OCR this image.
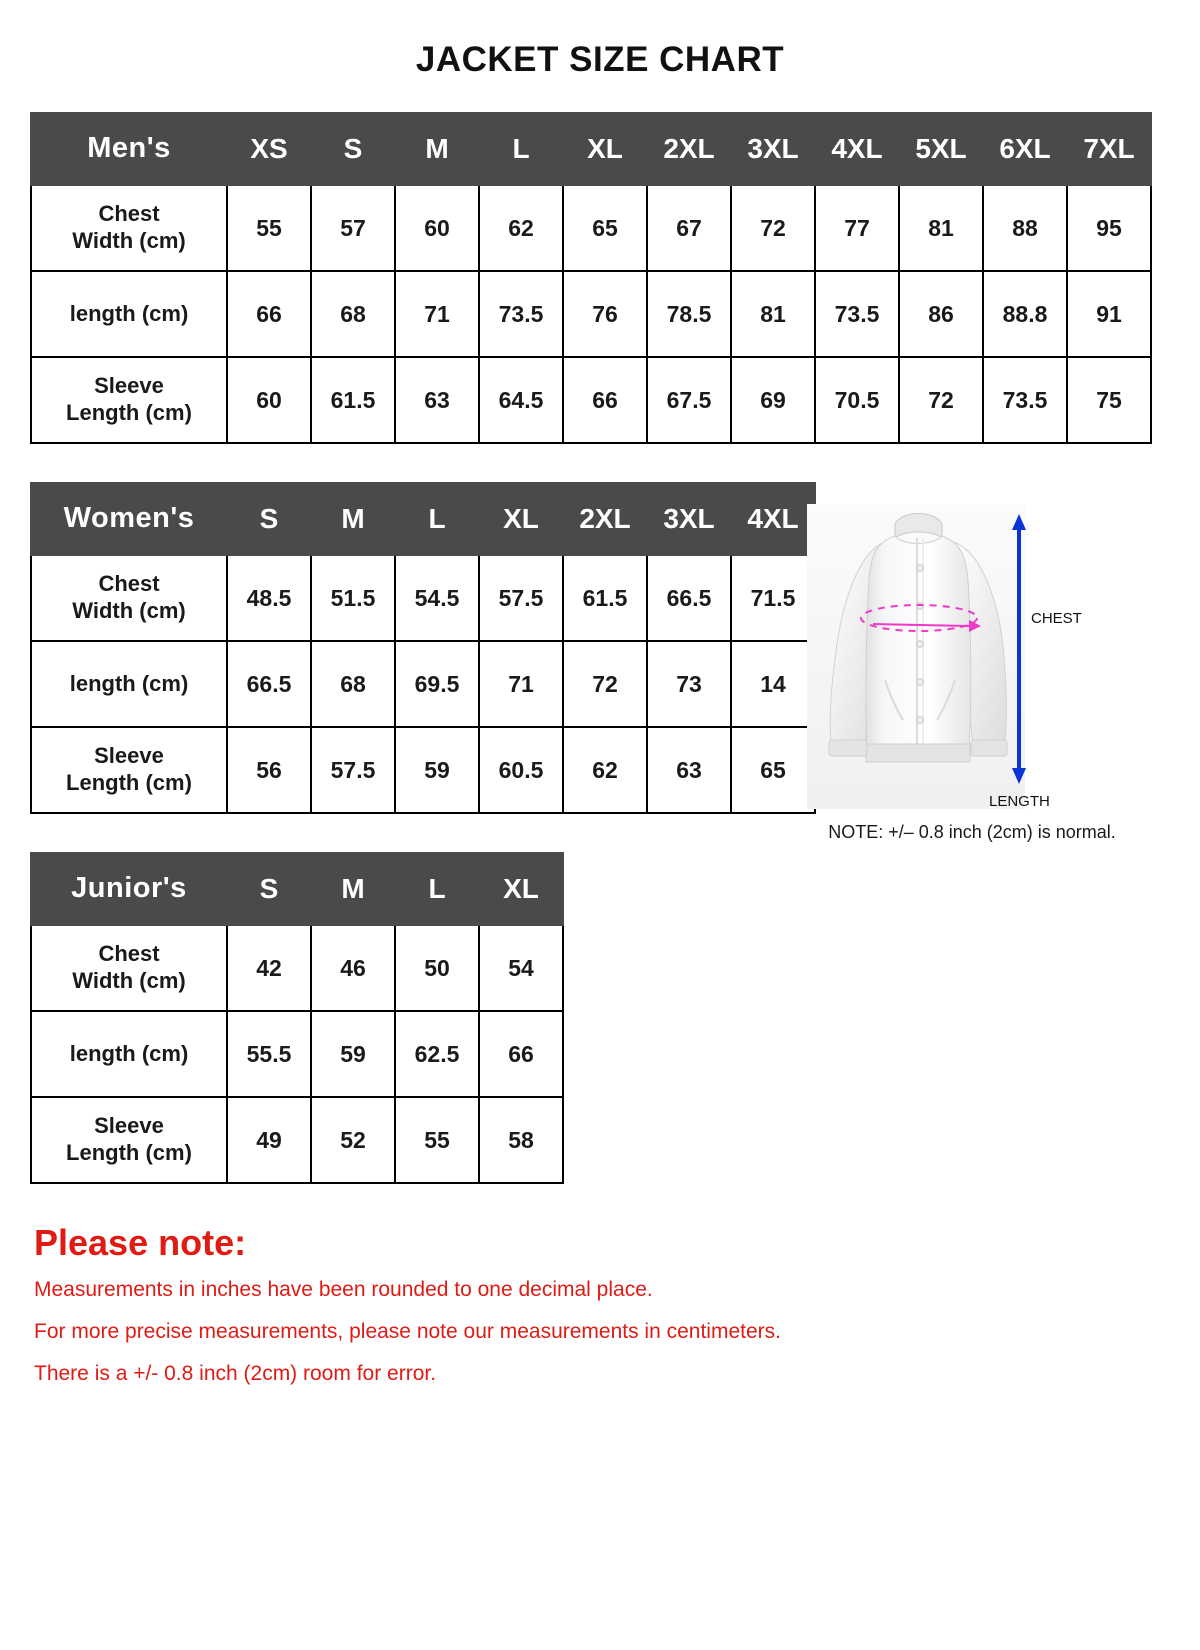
JACKET SIZE CHART
Men's	XS	S	M	L	XL	2XL	3XL	4XL	5XL	6XL	7XL

Chest
Width (cm)	55	57	60	62	65	67	72	77	81	88	95
length (cm)	66	68	71	73.5	76	78.5	81	73.5	86	88.8	91

Sleeve
Length (cm)	60	61.5	63	64.5	66	67.5	69	70.5	72	73.5	75
Women's	S	M	L	XL	2XL	3XL	4XL

Chest
Width (cm)	48.5	51.5	54.5	57.5	61.5	66.5	71.5
length (cm)	66.5	68	69.5	71	72	73	14

Sleeve
Length (cm)	56	57.5	59	60.5	62	63	65
Junior's	S	M	L	XL

Chest
Width (cm)	42	46	50	54
length (cm)	55.5	59	62.5	66

Sleeve
Length (cm)	49	52	55	58
CHEST
LENGTH
NOTE: +/– 0.8 inch (2cm) is normal.
Please note:
Measurements in inches have been rounded to one decimal place.
For more precise measurements, please note our measurements in centimeters.
There is a +/- 0.8 inch (2cm) room for error.
